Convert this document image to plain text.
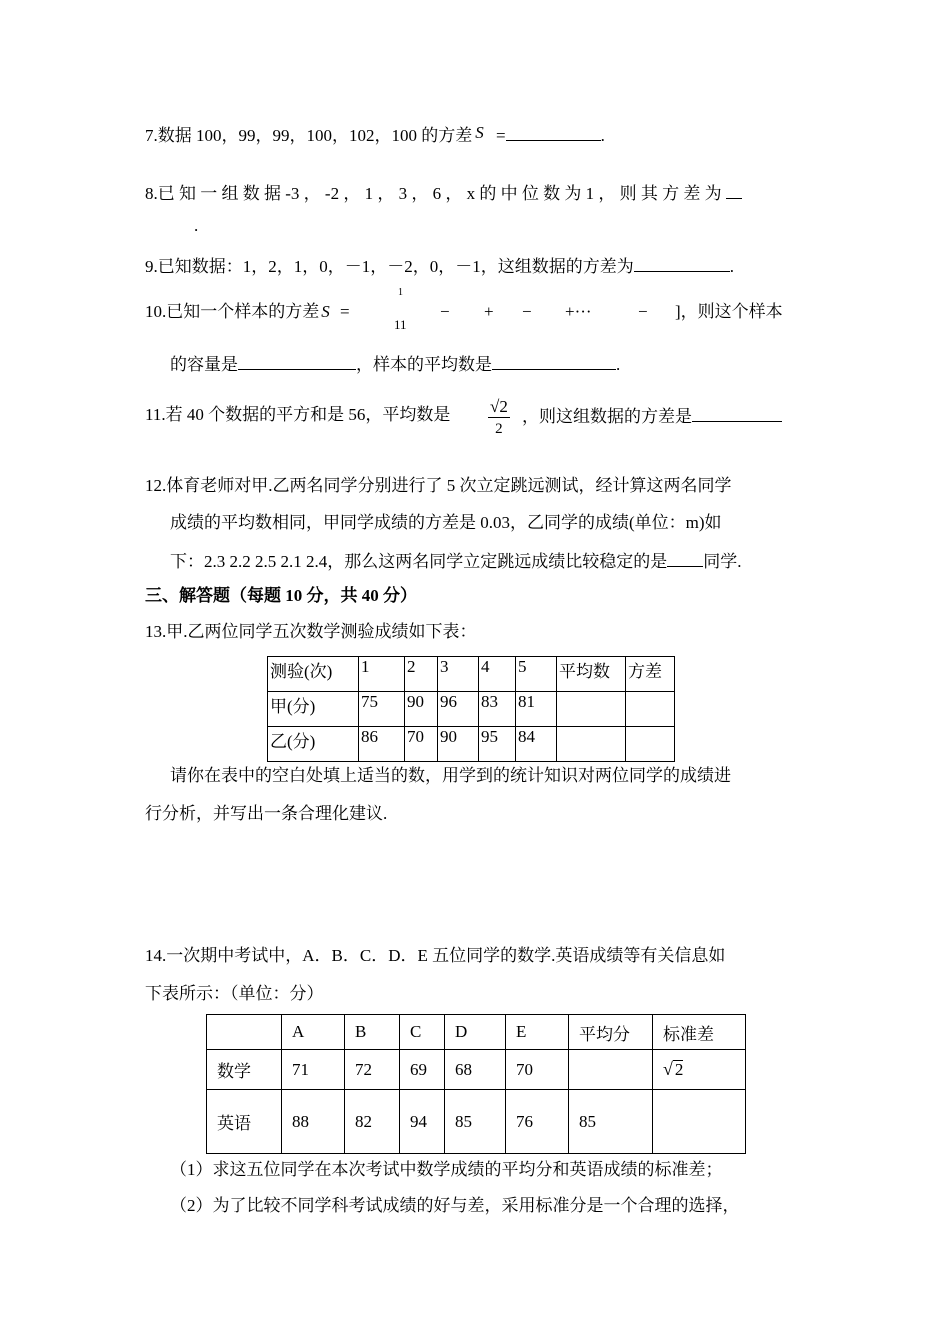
7.数据 100，99，99，100，102，100 的方差 S =	.
8.已 知 一 组 数 据 -3 ， -2 ， 1 ， 3 ， 6 ， x 的 中 位 数 为 1 ， 则 其 方 差 为
.
9.已知数据：1，2，1，0，－1，－2，0，－1，这组数据的方差为	.
10.已知一个样本的方差 S =
1
11
− + − +···	− ]，则这个样本
的容量是	，样本的平均数是	.
11.若 40 个数据的平方和是 56，平均数是 $\frac{√2}{2}$ ，则这组数据的方差是
12.体育老师对甲.乙两名同学分别进行了 5 次立定跳远测试，经计算这两名同学
成绩的平均数相同，甲同学成绩的方差是 0.03，乙同学的成绩(单位：m)如
下：2.3 2.2 2.5 2.1 2.4，那么这两名同学立定跳远成绩比较稳定的是 同学.
三、解答题（每题 10 分，共 40 分）
13.甲.乙两位同学五次数学测验成绩如下表：
测验(次)	1	2	3	4	5	平均数	方差
甲(分)	75	90	96	83	81		
乙(分)	86	70	90	95	84		
请你在表中的空白处填上适当的数，用学到的统计知识对两位同学的成绩进
行分析，并写出一条合理化建议.
14.一次期中考试中，A．B．C．D．E 五位同学的数学.英语成绩等有关信息如
下表所示：（单位：分）
	A	B	C	D	E	平均分	标准差
数学	71	72	69	68	70		√ 2
英语	88	82	94	85	76	85	
（1）求这五位同学在本次考试中数学成绩的平均分和英语成绩的标准差；
（2）为了比较不同学科考试成绩的好与差，采用标准分是一个合理的选择，
